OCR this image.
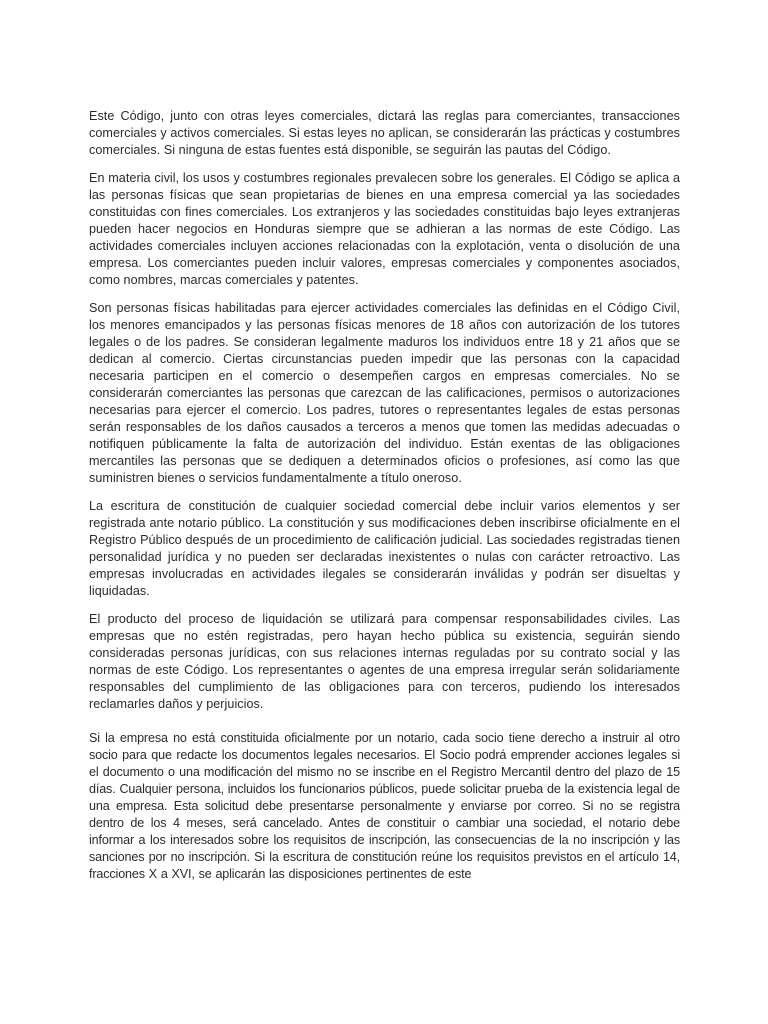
Este Código, junto con otras leyes comerciales, dictará las reglas para comerciantes, transacciones comerciales y activos comerciales. Si estas leyes no aplican, se considerarán las prácticas y costumbres comerciales. Si ninguna de estas fuentes está disponible, se seguirán las pautas del Código.

En materia civil, los usos y costumbres regionales prevalecen sobre los generales. El Código se aplica a las personas físicas que sean propietarias de bienes en una empresa comercial ya las sociedades constituidas con fines comerciales. Los extranjeros y las sociedades constituidas bajo leyes extranjeras pueden hacer negocios en Honduras siempre que se adhieran a las normas de este Código. Las actividades comerciales incluyen acciones relacionadas con la explotación, venta o disolución de una empresa. Los comerciantes pueden incluir valores, empresas comerciales y componentes asociados, como nombres, marcas comerciales y patentes.

Son personas físicas habilitadas para ejercer actividades comerciales las definidas en el Código Civil, los menores emancipados y las personas físicas menores de 18 años con autorización de los tutores legales o de los padres. Se consideran legalmente maduros los individuos entre 18 y 21 años que se dedican al comercio. Ciertas circunstancias pueden impedir que las personas con la capacidad necesaria participen en el comercio o desempeñen cargos en empresas comerciales. No se considerarán comerciantes las personas que carezcan de las calificaciones, permisos o autorizaciones necesarias para ejercer el comercio. Los padres, tutores o representantes legales de estas personas serán responsables de los daños causados a terceros a menos que tomen las medidas adecuadas o notifiquen públicamente la falta de autorización del individuo. Están exentas de las obligaciones mercantiles las personas que se dediquen a determinados oficios o profesiones, así como las que suministren bienes o servicios fundamentalmente a título oneroso.

La escritura de constitución de cualquier sociedad comercial debe incluir varios elementos y ser registrada ante notario público. La constitución y sus modificaciones deben inscribirse oficialmente en el Registro Público después de un procedimiento de calificación judicial. Las sociedades registradas tienen personalidad jurídica y no pueden ser declaradas inexistentes o nulas con carácter retroactivo. Las empresas involucradas en actividades ilegales se considerarán inválidas y podrán ser disueltas y liquidadas.

El producto del proceso de liquidación se utilizará para compensar responsabilidades civiles. Las empresas que no estén registradas, pero hayan hecho pública su existencia, seguirán siendo consideradas personas jurídicas, con sus relaciones internas reguladas por su contrato social y las normas de este Código. Los representantes o agentes de una empresa irregular serán solidariamente responsables del cumplimiento de las obligaciones para con terceros, pudiendo los interesados reclamarles daños y perjuicios.

Si la empresa no está constituida oficialmente por un notario, cada socio tiene derecho a instruir al otro socio para que redacte los documentos legales necesarios. El Socio podrá emprender acciones legales si el documento o una modificación del mismo no se inscribe en el Registro Mercantil dentro del plazo de 15 días. Cualquier persona, incluidos los funcionarios públicos, puede solicitar prueba de la existencia legal de una empresa. Esta solicitud debe presentarse personalmente y enviarse por correo. Si no se registra dentro de los 4 meses, será cancelado. Antes de constituir o cambiar una sociedad, el notario debe informar a los interesados sobre los requisitos de inscripción, las consecuencias de la no inscripción y las sanciones por no inscripción. Si la escritura de constitución reúne los requisitos previstos en el artículo 14, fracciones X a XVI, se aplicarán las disposiciones pertinentes de este
